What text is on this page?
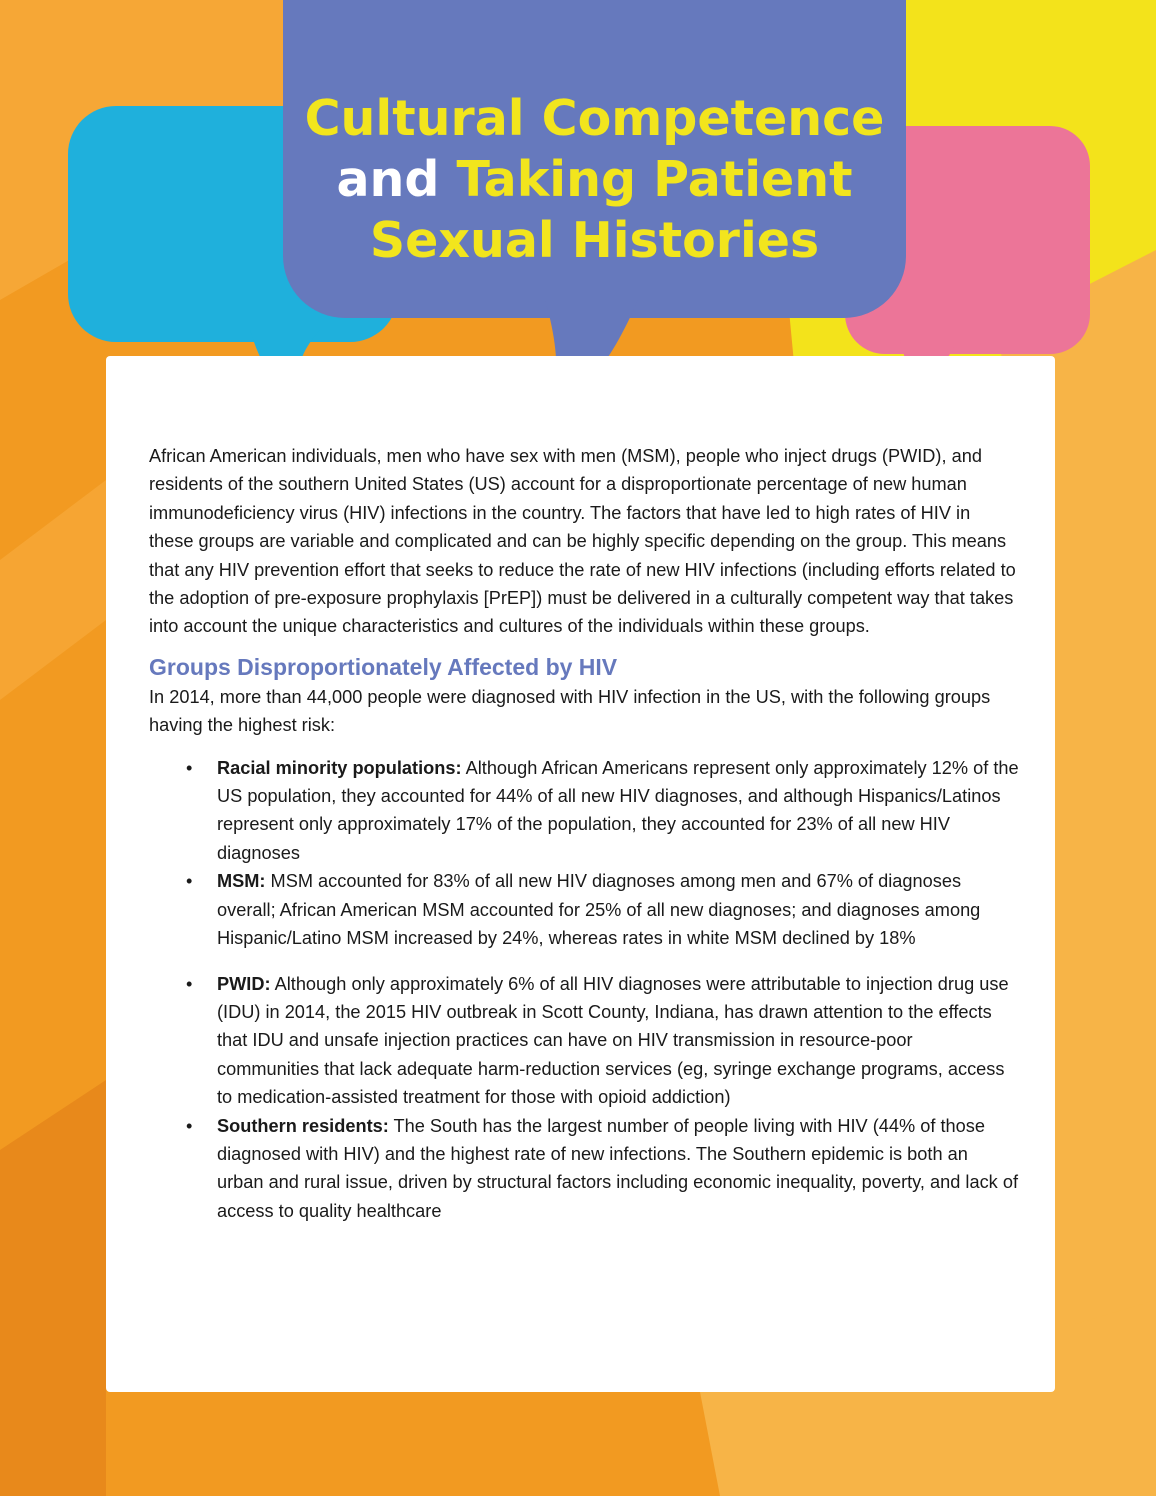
Cultural Competence
and Taking Patient
Sexual Histories

African American individuals, men who have sex with men (MSM), people who inject drugs (PWID), and residents of the southern United States (US) account for a disproportionate percentage of new human immunodeficiency virus (HIV) infections in the country. The factors that have led to high rates of HIV in these groups are variable and complicated and can be highly specific depending on the group. This means that any HIV prevention effort that seeks to reduce the rate of new HIV infections (including efforts related to the adoption of pre-exposure prophylaxis [PrEP]) must be delivered in a culturally competent way that takes into account the unique characteristics and cultures of the individuals within these groups.

Groups Disproportionately Affected by HIV

In 2014, more than 44,000 people were diagnosed with HIV infection in the US, with the following groups having the highest risk:

• Racial minority populations: Although African Americans represent only approximately 12% of the US population, they accounted for 44% of all new HIV diagnoses, and although Hispanics/Latinos represent only approximately 17% of the population, they accounted for 23% of all new HIV diagnoses
• MSM: MSM accounted for 83% of all new HIV diagnoses among men and 67% of diagnoses overall; African American MSM accounted for 25% of all new diagnoses; and diagnoses among Hispanic/Latino MSM increased by 24%, whereas rates in white MSM declined by 18%
• PWID: Although only approximately 6% of all HIV diagnoses were attributable to injection drug use (IDU) in 2014, the 2015 HIV outbreak in Scott County, Indiana, has drawn attention to the effects that IDU and unsafe injection practices can have on HIV transmission in resource-poor communities that lack adequate harm-reduction services (eg, syringe exchange programs, access to medication-assisted treatment for those with opioid addiction)
• Southern residents: The South has the largest number of people living with HIV (44% of those diagnosed with HIV) and the highest rate of new infections. The Southern epidemic is both an urban and rural issue, driven by structural factors including economic inequality, poverty, and lack of access to quality healthcare
